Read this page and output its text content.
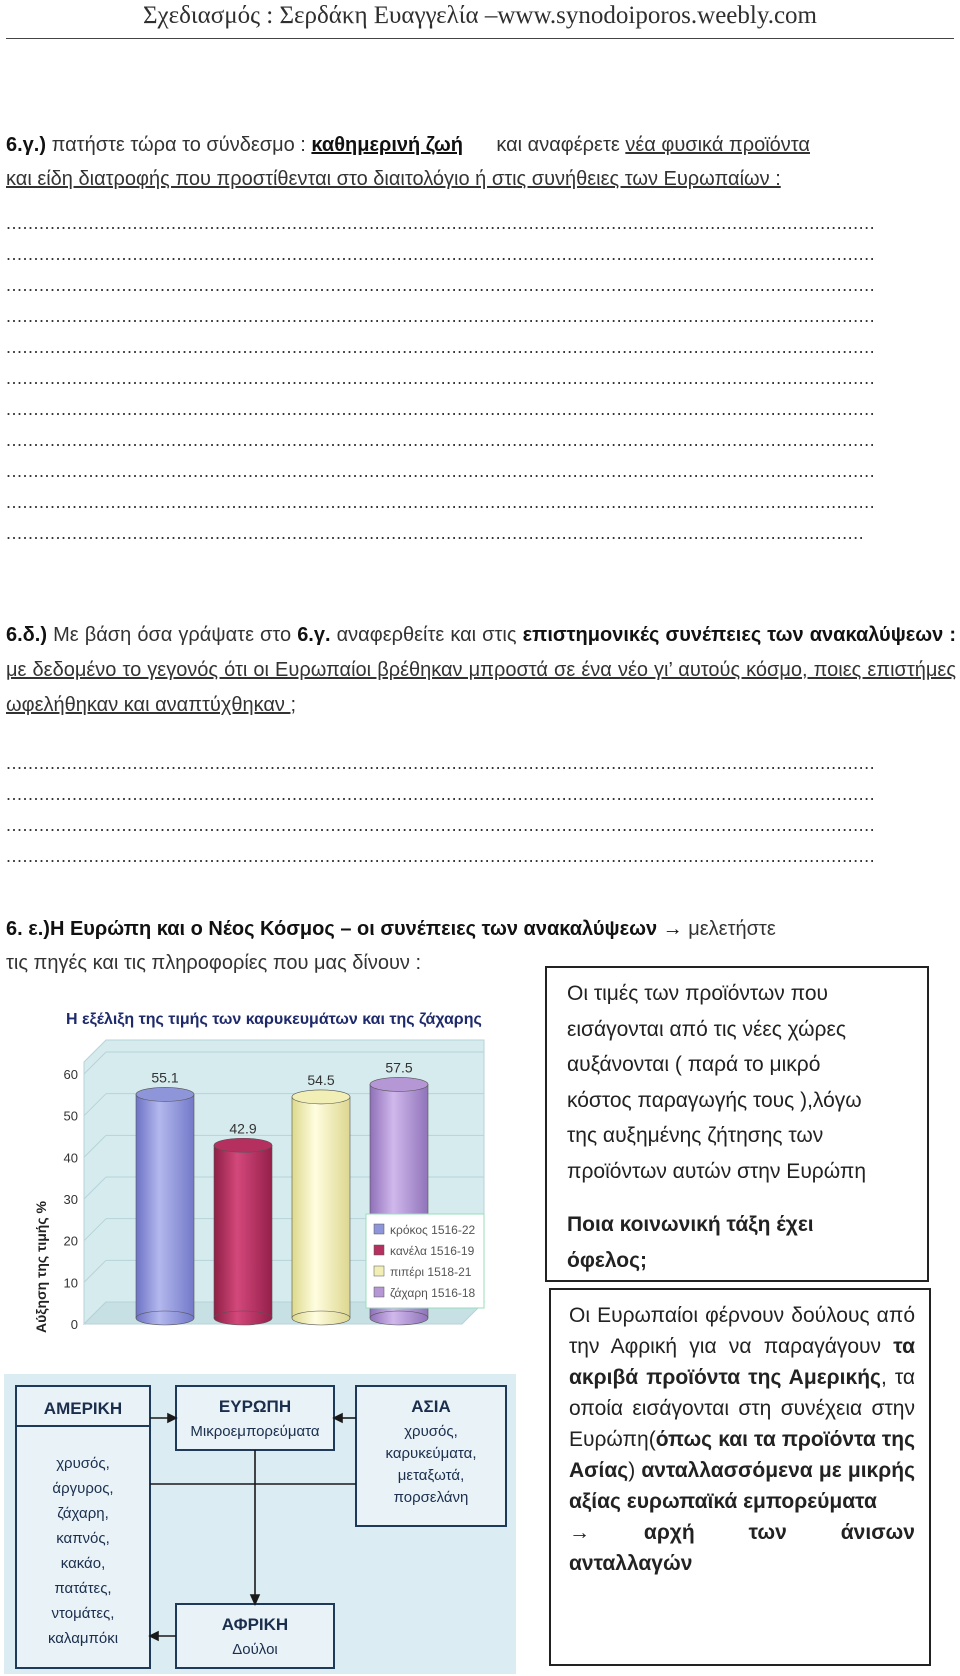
Σχεδιασμός : Σερδάκη Ευαγγελία –www.synodoiporos.weebly.com
6.γ.) πατήστε τώρα το σύνδεσμο : καθημερινή ζωή      και αναφέρετε νέα φυσικά προϊόντα
και είδη διατροφής που προστίθενται στο διαιτολόγιο ή στις συνήθειες των Ευρωπαίων :
..............................................................................................................................................................
..............................................................................................................................................................
..............................................................................................................................................................
..............................................................................................................................................................
..............................................................................................................................................................
..............................................................................................................................................................
..............................................................................................................................................................
..............................................................................................................................................................
..............................................................................................................................................................
..............................................................................................................................................................
............................................................................................................................................................
6.δ.) Με βάση όσα γράψατε στο 6.γ. αναφερθείτε και στις επιστημονικές συνέπειες των ανακαλύψεων : με δεδομένο το γεγονός ότι οι Ευρωπαίοι βρέθηκαν μπροστά σε ένα νέο γι’ αυτούς κόσμο, ποιες επιστήμες ωφελήθηκαν και αναπτύχθηκαν ;
..............................................................................................................................................................
..............................................................................................................................................................
..............................................................................................................................................................
..............................................................................................................................................................
6. ε.)Η Ευρώπη και ο Νέος Κόσμος – οι συνέπειες των ανακαλύψεων → μελετήστε
τις πηγές και τις πληροφορίες που μας δίνουν :
0
10
20
30
40
50
60	55.1
42.9
54.5
57.5
Η εξέλιξη της τιμής των καρυκευμάτων και της ζάχαρης
Αύξηση της τιμής %	κρόκος 1516-22
κανέλα 1516-19
πιπέρι 1518-21
ζάχαρη 1516-18
Οι τιμές των προϊόντων που
εισάγονται από τις νέες χώρες
αυξάνονται ( παρά το μικρό
κόστος παραγωγής τους ),λόγω
της αυξημένης ζήτησης των
προϊόντων αυτών στην Ευρώπη
Ποια κοινωνική τάξη έχει
όφελος;
ΑΜΕΡΙΚΗ
χρυσός,
άργυρος,
ζάχαρη,
καπνός,
κακάο,
πατάτες,
ντομάτες,
καλαμπόκι
ΕΥΡΩΠΗ
Μικροεμπορεύματα
ΑΣΙΑ
χρυσός,
καρυκεύματα,
μεταξωτά,
πορσελάνη
ΑΦΡΙΚΗ
Δούλοι
Οι Ευρωπαίοι φέρνουν δούλους από την Αφρική για να παραγάγουν τα ακριβά προϊόντα της Αμερικής, τα οποία εισάγονται στη συνέχεια στην Ευρώπη(όπως και τα προϊόντα της Ασίας) ανταλλασσόμενα με μικρής αξίας ευρωπαϊκά εμπορεύματα
→	αρχή	των	άνισων
ανταλλαγών
